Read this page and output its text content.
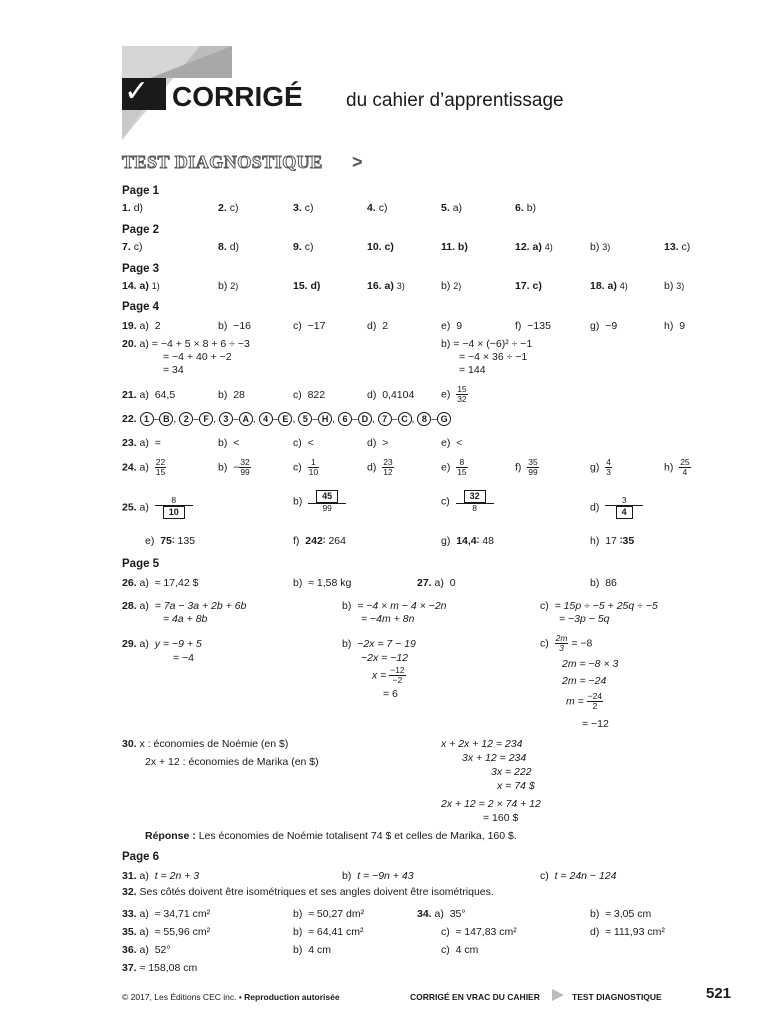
✓ CORRIGÉ du cahier d’apprentissage
TEST DIAGNOSTIQUE >
Page 1
1. d)	2. c)	3. c)	4. c)	5. a)	6. b)
Page 2
7. c)	8. d)	9. c)	10. c)	11. b)	12. a) 4)	b) 3)	13. c)
Page 3
14. a) 1)	b) 2)	15. d)	16. a) 3)	b) 2)	17. c)	18. a) 4)	b) 3)
Page 4
19. a) 2	b) −16	c) −17	d) 2	e) 9	f) −135	g) −9	h) 9
20. a) = −4 + 5 × 8 + 6 ÷ −3
= −4 + 40 + −2
= 34
b) = −4 × (−6)² ÷ −1
= −4 × 36 ÷ −1
= 144
21. a) 64,5	b) 28	c) 822	d) 0,4104	$e) \frac{15}{32}$
22. 1 – B , 2 – F , 3 – A , 4 – E , 5 – H , 6 – D , 7 – C , 8 – G
23. a) =	b) <	c) <	d) >	e) <
24. $a) \frac{22}{15}$	$b) - \frac{32}{99}$	$c) \frac{1}{10}$	$d) \frac{23}{12}$	$e) \frac{8}{15}$	$f) \frac{35}{99}$	$g) \frac{4}{3}$	$h) \frac{25}{4}$
25. $a) \frac{8}{10}$	$b) \frac{45}{99}$	$c) \frac{32}{8}$	$d) \frac{3}{4}$
e) 75∶ 135	f) 242∶ 264	g) 14,4∶ 48	h) 17 ∶35
Page 5
26. a) ≈ 17,42 $	b) ≈ 1,58 kg	27. a) 0	b) 86
28. a) = 7a − 3a + 2b + 6b
= 4a + 8b
b) = −4 × m − 4 × −2n
= −4m + 8n
c) = 15p ÷ −5 + 25q ÷ −5
= −3p − 5q
29. a) y = −9 + 5
= −4
b) −2x = 7 − 19
−2x = −12
$x = \frac{-12}{-2}$
= 6
$c) \frac{2m}{3} = -8$
2m = −8 × 3
2m = −24
$m = \frac{-24}{2}$
= −12
30. x : économies de Noémie (en $)
2x + 12 : économies de Marika (en $)
x + 2x + 12 = 234
3x + 12 = 234
3x = 222
x = 74 $
2x + 12 = 2 × 74 + 12
= 160 $
Réponse : Les économies de Noémie totalisent 74 $ et celles de Marika, 160 $.
Page 6
31. a) t = 2n + 3	b) t = −9n + 43	c) t = 24n − 124
32. Ses côtés doivent être isométriques et ses angles doivent être isométriques.
33. a) ≈ 34,71 cm²	b) ≈ 50,27 dm²	34. a) 35°	b) ≈ 3,05 cm
35. a) ≈ 55,96 cm²	b) ≈ 64,41 cm²	c) ≈ 147,83 cm²	d) ≈ 111,93 cm²
36. a) 52°	b) 4 cm	c) 4 cm
37. ≈ 158,08 cm
© 2017, Les Éditions CEC inc. • Reproduction autorisée	CORRIGÉ EN VRAC DU CAHIER	TEST DIAGNOSTIQUE	521
